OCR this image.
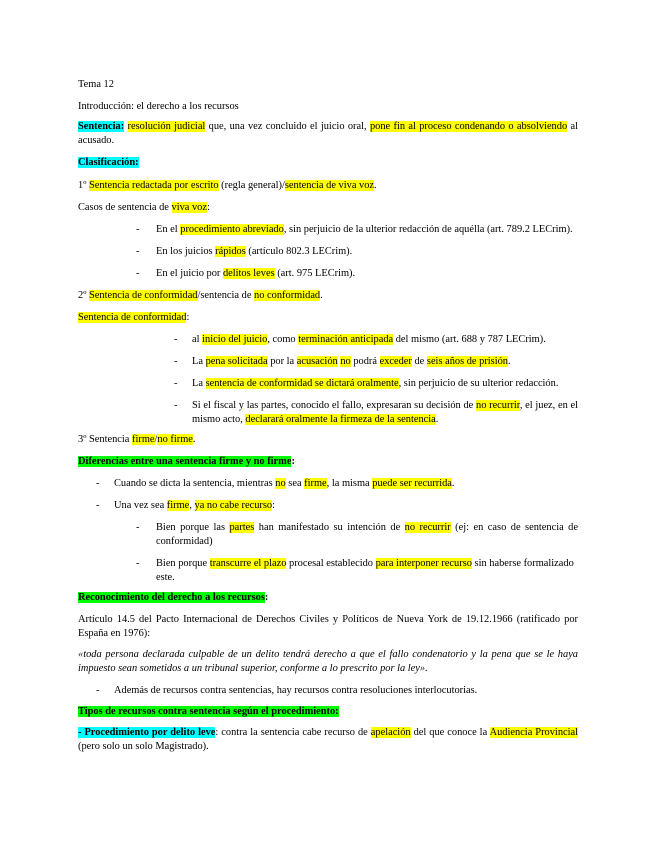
Tema 12

Introducción: el derecho a los recursos

Sentencia: resolución judicial que, una vez concluido el juicio oral, pone fin al proceso condenando o absolviendo al acusado.

Clasificación:

1º Sentencia redactada por escrito (regla general)/sentencia de viva voz.

Casos de sentencia de viva voz:

- En el procedimiento abreviado, sin perjuicio de la ulterior redacción de aquélla (art. 789.2 LECrim).
- En los juicios rápidos (artículo 802.3 LECrim).
- En el juicio por delitos leves (art. 975 LECrim).

2º Sentencia de conformidad/sentencia de no conformidad.

Sentencia de conformidad:

- al inicio del juicio, como terminación anticipada del mismo (art. 688 y 787 LECrim).
- La pena solicitada por la acusación no podrá exceder de seis años de prisión.
- La sentencia de conformidad se dictará oralmente, sin perjuicio de su ulterior redacción.
- Si el fiscal y las partes, conocido el fallo, expresaran su decisión de no recurrir, el juez, en el mismo acto, declarará oralmente la firmeza de la sentencia.

3º Sentencia firme/no firme.

Diferencias entre una sentencia firme y no firme:

- Cuando se dicta la sentencia, mientras no sea firme, la misma puede ser recurrida.
- Una vez sea firme, ya no cabe recurso:
- Bien porque las partes han manifestado su intención de no recurrir (ej: en caso de sentencia de conformidad)
- Bien porque transcurre el plazo procesal establecido para interponer recurso sin haberse formalizado este.

Reconocimiento del derecho a los recursos:

Artículo 14.5 del Pacto Internacional de Derechos Civiles y Políticos de Nueva York de 19.12.1966 (ratificado por España en 1976):

«toda persona declarada culpable de un delito tendrá derecho a que el fallo condenatorio y la pena que se le haya impuesto sean sometidos a un tribunal superior, conforme a lo prescrito por la ley».

- Además de recursos contra sentencias, hay recursos contra resoluciones interlocutorias.

Tipos de recursos contra sentencia según el procedimiento:

- Procedimiento por delito leve: contra la sentencia cabe recurso de apelación del que conoce la Audiencia Provincial (pero solo un solo Magistrado).
